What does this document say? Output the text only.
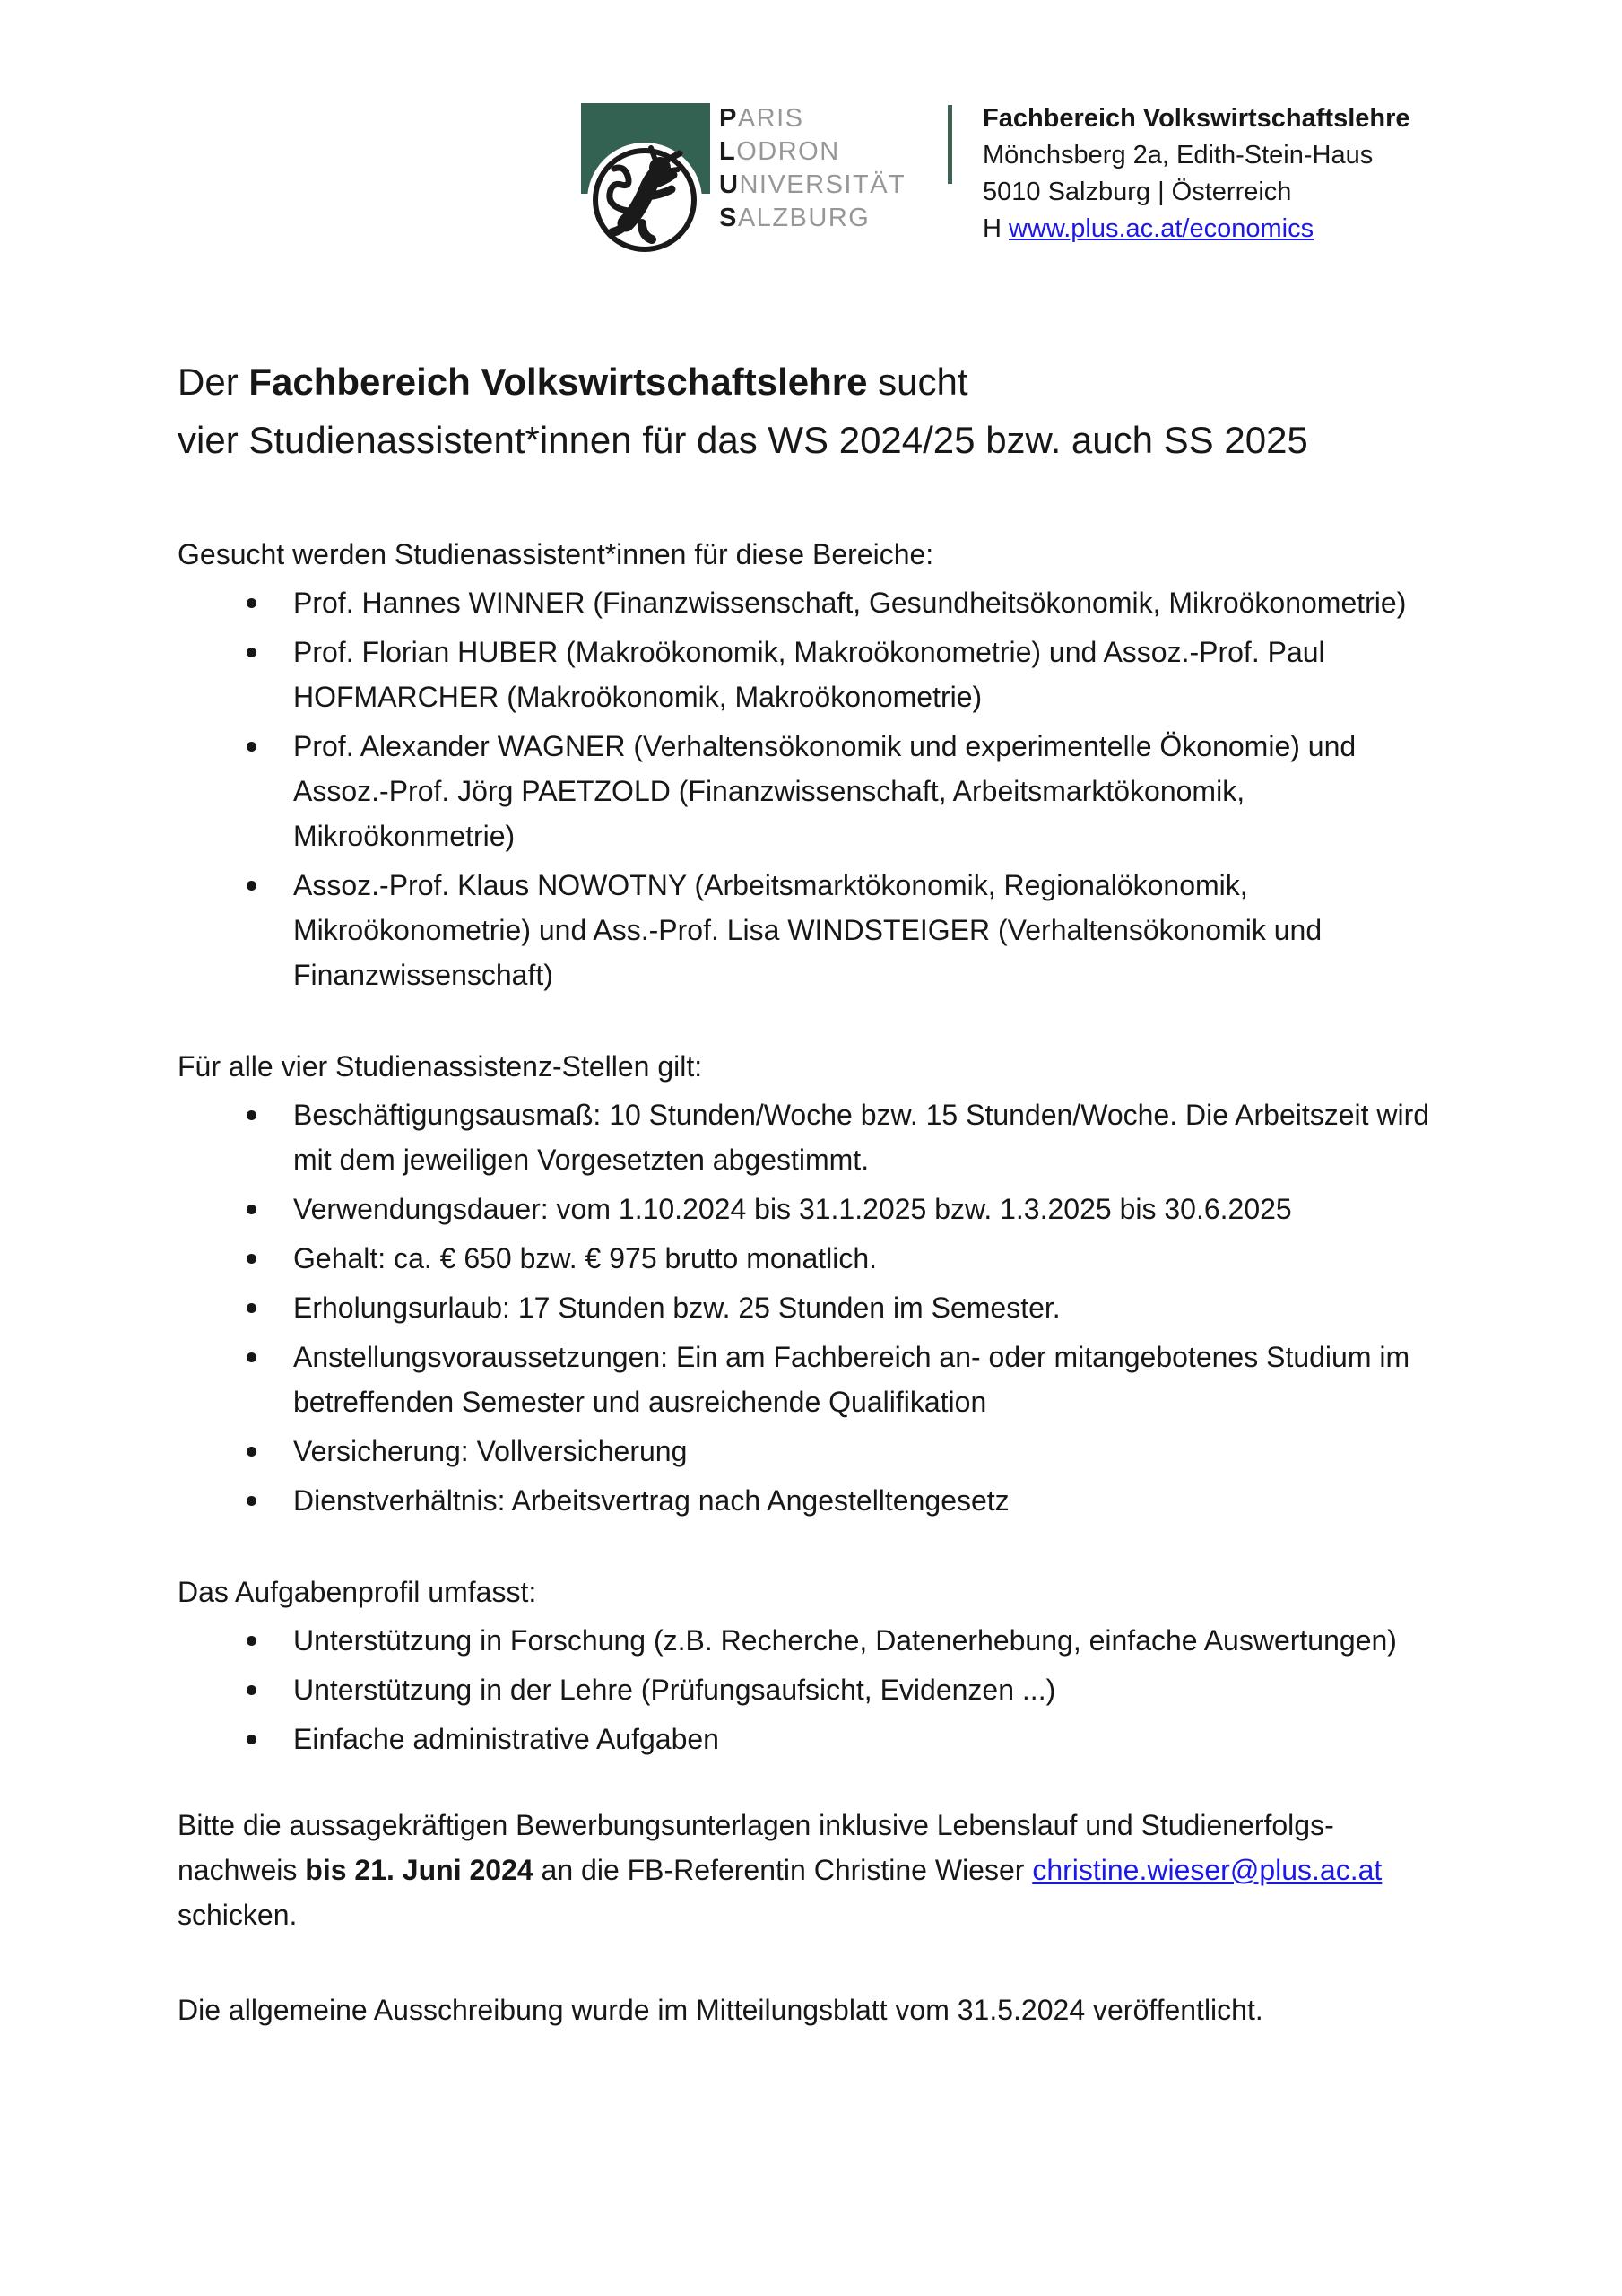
PARIS
LODRON
UNIVERSITÄT
SALZBURG
Fachbereich Volkswirtschaftslehre
Mönchsberg 2a, Edith-Stein-Haus
5010 Salzburg | Österreich
H www.plus.ac.at/economics

Der Fachbereich Volkswirtschaftslehre sucht

vier Studienassistent*innen für das WS 2024/25 bzw. auch SS 2025

Gesucht werden Studienassistent*innen für diese Bereiche:

Prof. Hannes WINNER (Finanzwissenschaft, Gesundheitsökonomik, Mikroökonometrie)
Prof. Florian HUBER (Makroökonomik, Makroökonometrie) und Assoz.-Prof. Paul HOFMARCHER (Makroökonomik, Makroökonometrie)
Prof. Alexander WAGNER (Verhaltensökonomik und experimentelle Ökonomie) und Assoz.-Prof. Jörg PAETZOLD (Finanzwissenschaft, Arbeitsmarktökonomik, Mikroökonmetrie)
Assoz.-Prof. Klaus NOWOTNY (Arbeitsmarktökonomik, Regionalökonomik, Mikroökonometrie) und Ass.-Prof. Lisa WINDSTEIGER (Verhaltensökonomik und Finanzwissenschaft)

Für alle vier Studienassistenz-Stellen gilt:

Beschäftigungsausmaß: 10 Stunden/Woche bzw. 15 Stunden/Woche. Die Arbeitszeit wird mit dem jeweiligen Vorgesetzten abgestimmt.
Verwendungsdauer: vom 1.10.2024 bis 31.1.2025 bzw. 1.3.2025 bis 30.6.2025
Gehalt: ca. € 650 bzw. € 975 brutto monatlich.
Erholungsurlaub: 17 Stunden bzw. 25 Stunden im Semester.
Anstellungsvoraussetzungen: Ein am Fachbereich an- oder mitangebotenes Studium im betreffenden Semester und ausreichende Qualifikation
Versicherung: Vollversicherung
Dienstverhältnis: Arbeitsvertrag nach Angestelltengesetz

Das Aufgabenprofil umfasst:

Unterstützung in Forschung (z.B. Recherche, Datenerhebung, einfache Auswertungen)
Unterstützung in der Lehre (Prüfungsaufsicht, Evidenzen ...)
Einfache administrative Aufgaben

Bitte die aussagekräftigen Bewerbungsunterlagen inklusive Lebenslauf und Studienerfolgs-
nachweis bis 21. Juni 2024 an die FB-Referentin Christine Wieser christine.wieser@plus.ac.at schicken.

Die allgemeine Ausschreibung wurde im Mitteilungsblatt vom 31.5.2024 veröffentlicht.
